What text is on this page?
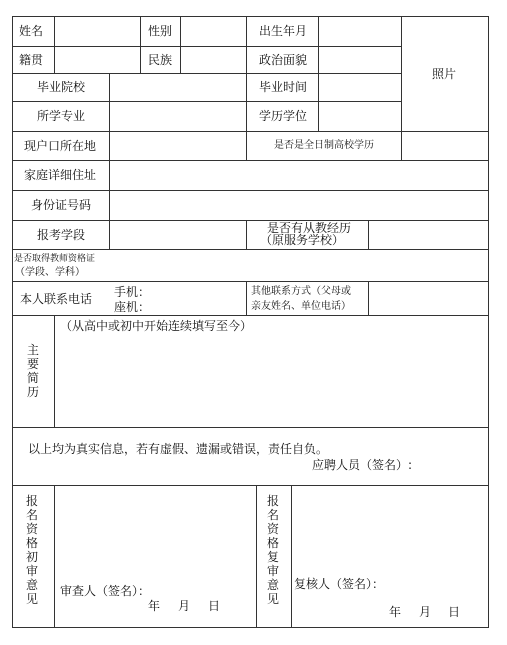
姓名	性别	出生年月
籍贯	民族	政治面貌
照片
毕业院校	毕业时间
所学专业	学历学位
现户口所在地	是否是全日制高校学历
家庭详细住址
身份证号码
报考学段	是否有从教经历
（原服务学校）
是否取得教师资格证
（学段、学科）
本人联系电话 手机：
座机：
其他联系方式（父母或
亲友姓名、单位电话）
主要简历
（从高中或初中开始连续填写至今）
以上均为真实信息，若有虚假、遗漏或错误，责任自负。
应聘人员（签名）:
报名资格初审意见
审查人（签名）：
年 月 日
报名资格复审意见
复核人（签名）：
年 月 日
